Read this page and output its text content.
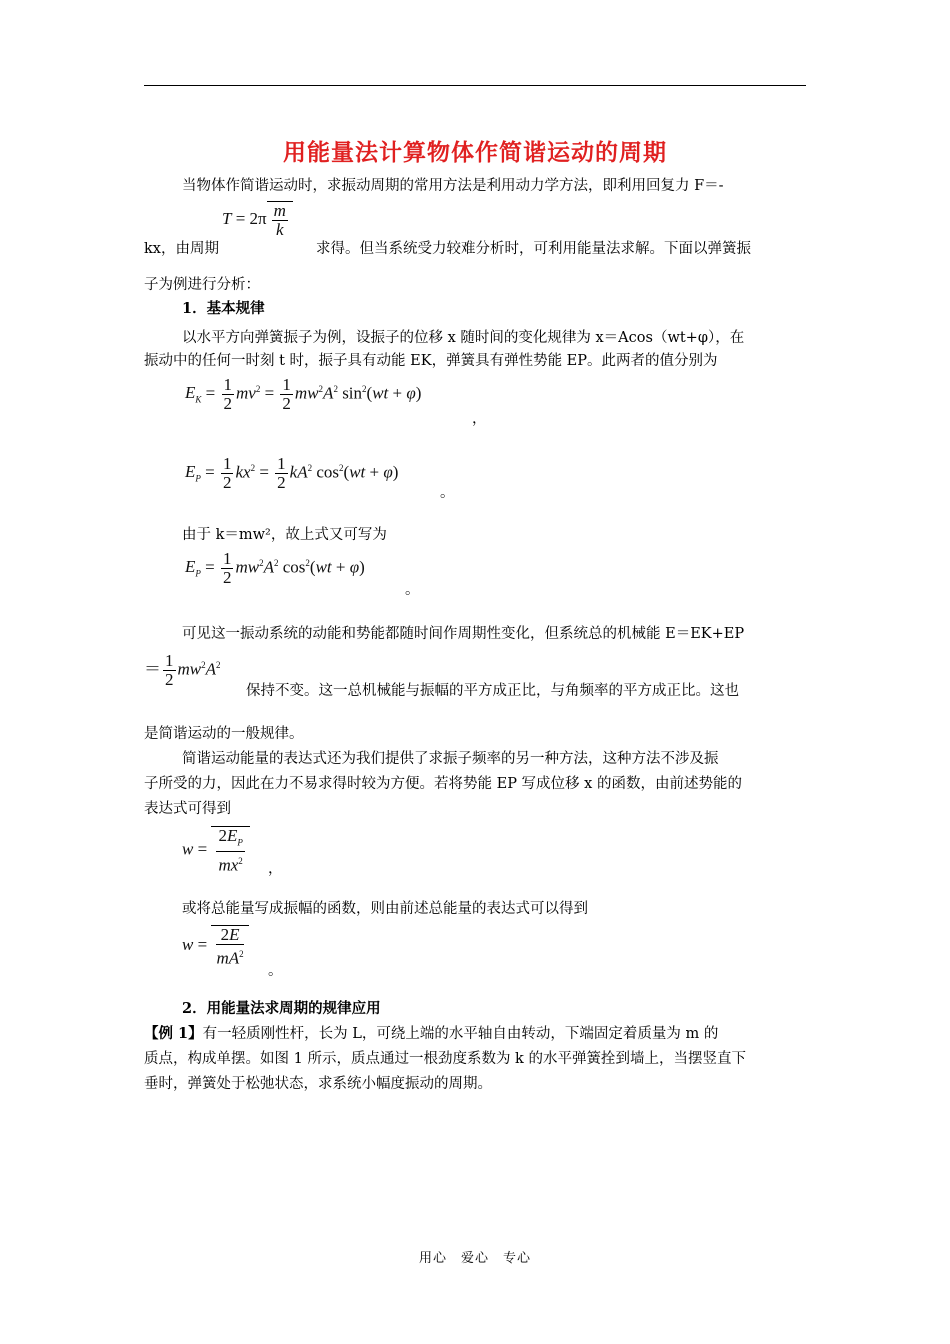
用能量法计算物体作简谐运动的周期
当物体作简谐运动时，求振动周期的常用方法是利用动力学方法，即利用回复力 F＝-
$T = 2\pi \frac{m}{k}$
kx，由周期	求得。但当系统受力较难分析时，可利用能量法求解。下面以弹簧振
子为例进行分析：
1．基本规律
以水平方向弹簧振子为例，设振子的位移 x 随时间的变化规律为 x＝Acos（wt+φ），在
振动中的任何一时刻 t 时，振子具有动能 EK，弹簧具有弹性势能 EP。此两者的值分别为
$E_K = \frac{1}{2} mv^2 = \frac{1}{2} mw^2A^2$ $\sin^2(wt + \varphi)$
，
$E_P = \frac{1}{2} kx^2 = \frac{1}{2} kA^2$ $\cos^2(wt + \varphi)$
。
由于 k＝mw²，故上式又可写为
$E_P = \frac{1}{2} mw^2A^2$ $\cos^2(wt + \varphi)$
。
可见这一振动系统的动能和势能都随时间作周期性变化，但系统总的机械能 E＝EK+EP
＝ $\frac{1}{2} mw^2A^2$
保持不变。这一总机械能与振幅的平方成正比，与角频率的平方成正比。这也
是简谐运动的一般规律。
简谐运动能量的表达式还为我们提供了求振子频率的另一种方法，这种方法不涉及振
子所受的力，因此在力不易求得时较为方便。若将势能 EP 写成位移 x 的函数，由前述势能的
表达式可得到
$w = \frac{2E_P}{mx^2}$ ，
或将总能量写成振幅的函数，则由前述总能量的表达式可以得到
$w = \frac{2E}{mA^2}$
。
2．用能量法求周期的规律应用
【例 1】有一轻质刚性杆，长为 L，可绕上端的水平轴自由转动，下端固定着质量为 m 的
质点，构成单摆。如图 1 所示，质点通过一根劲度系数为 k 的水平弹簧拴到墙上，当摆竖直下
垂时，弹簧处于松弛状态，求系统小幅度振动的周期。
用心　爱心　专心
